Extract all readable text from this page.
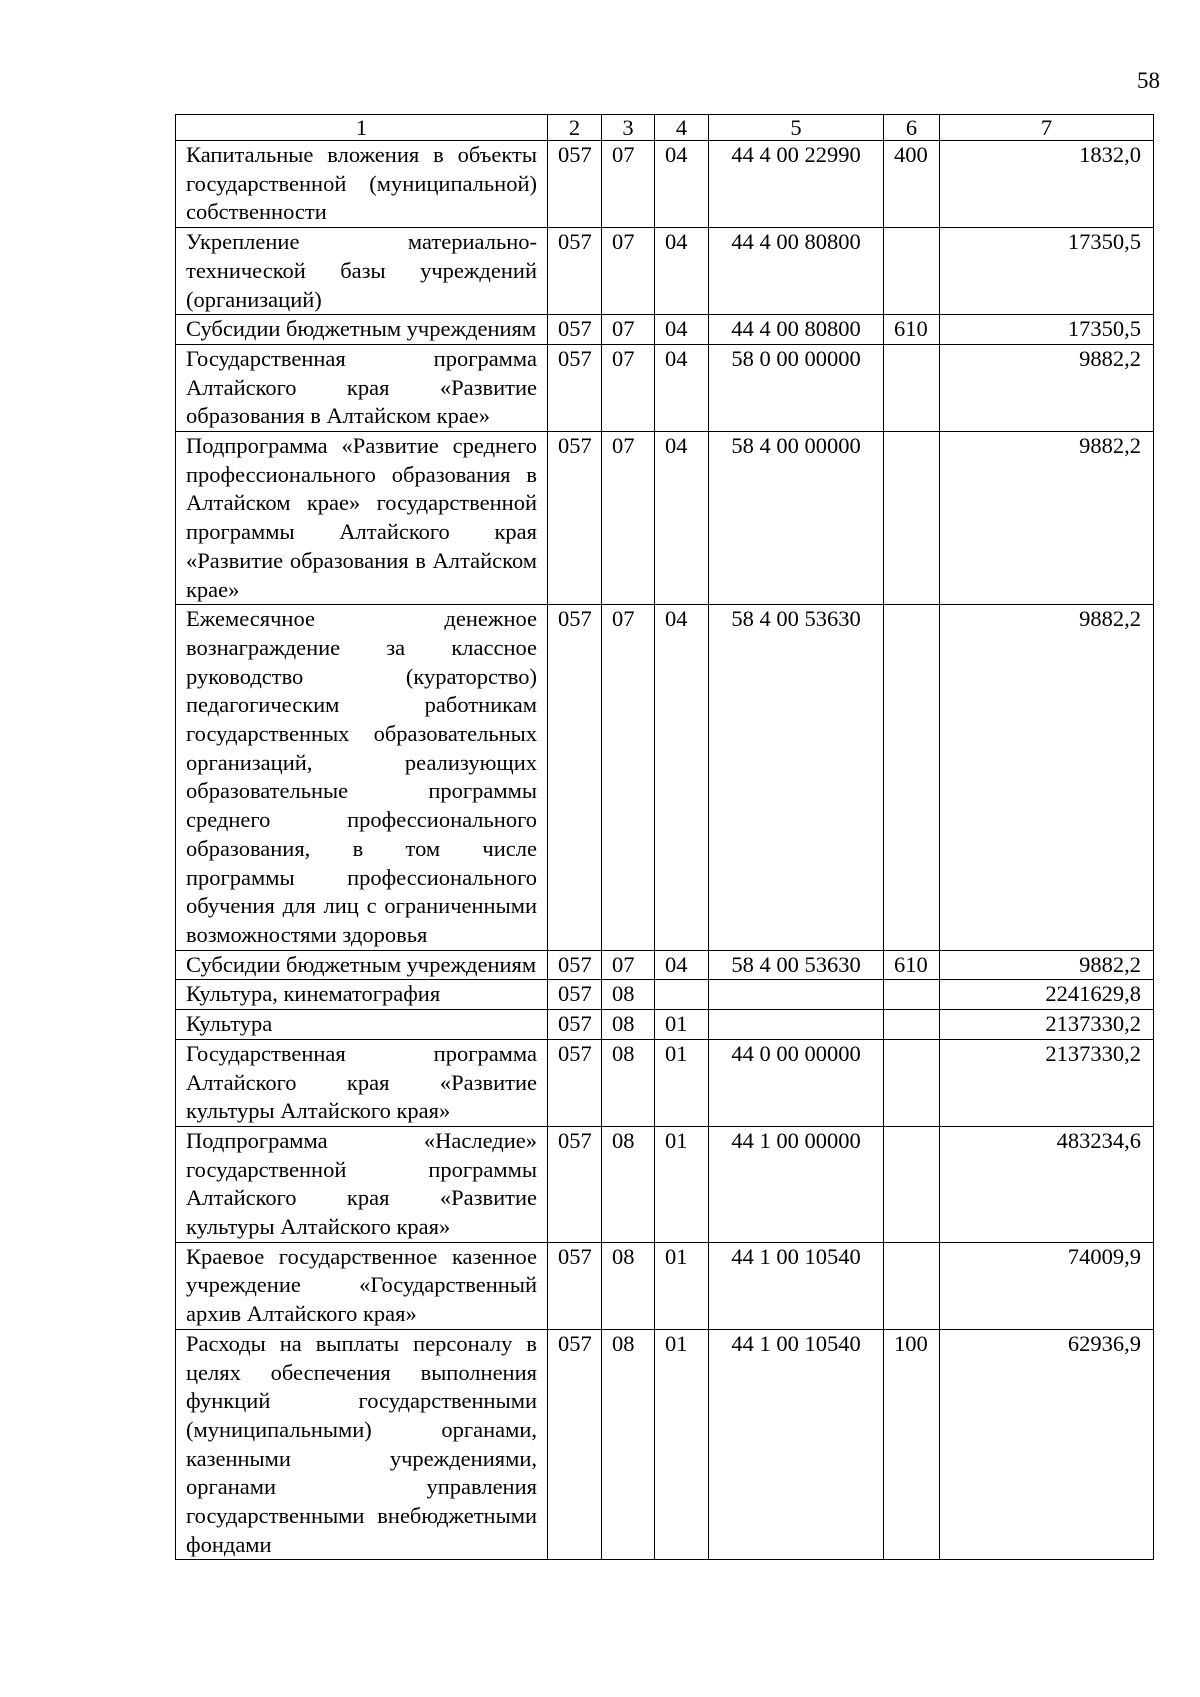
58
1	2	3	4	5	6	7
Капитальные вложения в объекты государственной (муниципальной) собственности	057	07	04	44 4 00 22990	400	1832,0
Укрепление материально-технической базы учреждений (организаций)	057	07	04	44 4 00 80800		17350,5
Субсидии бюджетным учреждениям	057	07	04	44 4 00 80800	610	17350,5
Государственная программа Алтайского края «Развитие образования в Алтайском крае»	057	07	04	58 0 00 00000		9882,2
Подпрограмма «Развитие среднего профессионального образования в Алтайском крае» государственной программы Алтайского края «Развитие образования в Алтайском крае»	057	07	04	58 4 00 00000		9882,2
Ежемесячное денежное вознаграждение за классное руководство (кураторство) педагогическим работникам государственных образовательных организаций, реализующих образовательные программы среднего профессионального образования, в том числе программы профессионального обучения для лиц с ограниченными возможностями здоровья	057	07	04	58 4 00 53630		9882,2
Субсидии бюджетным учреждениям	057	07	04	58 4 00 53630	610	9882,2
Культура, кинематография	057	08				2241629,8
Культура	057	08	01			2137330,2
Государственная программа Алтайского края «Развитие культуры Алтайского края»	057	08	01	44 0 00 00000		2137330,2
Подпрограмма «Наследие» государственной программы Алтайского края «Развитие культуры Алтайского края»	057	08	01	44 1 00 00000		483234,6
Краевое государственное казенное учреждение «Государственный архив Алтайского края»	057	08	01	44 1 00 10540		74009,9
Расходы на выплаты персоналу в целях обеспечения выполнения функций государственными (муниципальными) органами, казенными учреждениями, органами управления государственными внебюджетными фондами	057	08	01	44 1 00 10540	100	62936,9
